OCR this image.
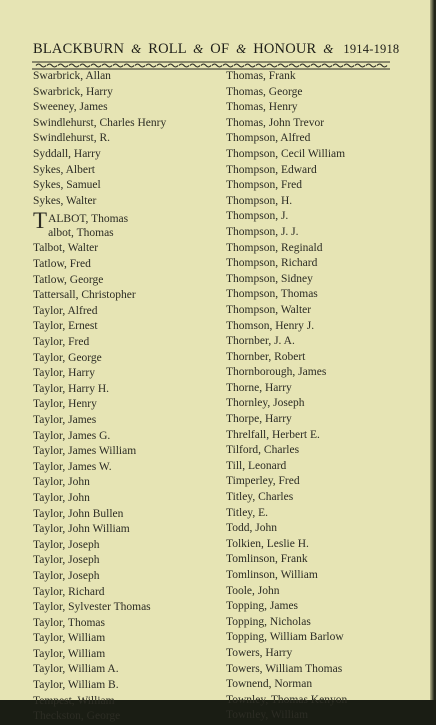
BLACKBURN & ROLL & OF & HONOUR & 1914-1918
Swarbrick, Allan
Swarbrick, Harry
Sweeney, James
Swindlehurst, Charles Henry
Swindlehurst, R.
Syddall, Harry
Sykes, Albert
Sykes, Samuel
Sykes, Walter
TALBOT, Thomas
albot, Thomas
Talbot, Walter
Tatlow, Fred
Tatlow, George
Tattersall, Christopher
Taylor, Alfred
Taylor, Ernest
Taylor, Fred
Taylor, George
Taylor, Harry
Taylor, Harry H.
Taylor, Henry
Taylor, James
Taylor, James G.
Taylor, James William
Taylor, James W.
Taylor, John
Taylor, John
Taylor, John Bullen
Taylor, John William
Taylor, Joseph
Taylor, Joseph
Taylor, Joseph
Taylor, Richard
Taylor, Sylvester Thomas
Taylor, Thomas
Taylor, William
Taylor, William
Taylor, William A.
Taylor, William B.
Tempest, William
Theckston, George
Thomas, Frank
Thomas, George
Thomas, Henry
Thomas, John Trevor
Thompson, Alfred
Thompson, Cecil William
Thompson, Edward
Thompson, Fred
Thompson, H.
Thompson, J.
Thompson, J. J.
Thompson, Reginald
Thompson, Richard
Thompson, Sidney
Thompson, Thomas
Thompson, Walter
Thomson, Henry J.
Thornber, J. A.
Thornber, Robert
Thornborough, James
Thorne, Harry
Thornley, Joseph
Thorpe, Harry
Threlfall, Herbert E.
Tilford, Charles
Till, Leonard
Timperley, Fred
Titley, Charles
Titley, E.
Todd, John
Tolkien, Leslie H.
Tomlinson, Frank
Tomlinson, William
Toole, John
Topping, James
Topping, Nicholas
Topping, William Barlow
Towers, Harry
Towers, William Thomas
Townend, Norman
Townley, Thomas Kenyon
Townley, William
